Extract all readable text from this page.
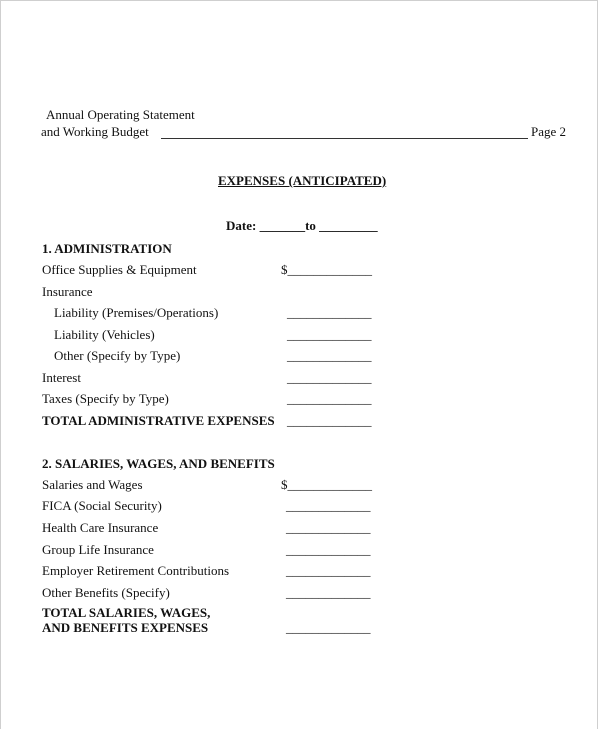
Annual Operating Statement
and Working Budget	Page 2
EXPENSES (ANTICIPATED)
Date: _______to _________
1. ADMINISTRATION
Office Supplies & Equipment	$_____________
Insurance
Liability (Premises/Operations)	_____________
Liability (Vehicles)	_____________
Other (Specify by Type)	_____________
Interest	_____________
Taxes (Specify by Type)	_____________
TOTAL ADMINISTRATIVE EXPENSES _____________
2. SALARIES, WAGES, AND BENEFITS
Salaries and Wages	$_____________
FICA (Social Security)	_____________
Health Care Insurance	_____________
Group Life Insurance	_____________
Employer Retirement Contributions	_____________
Other Benefits (Specify)	_____________
TOTAL SALARIES, WAGES,
AND BENEFITS EXPENSES	_____________
